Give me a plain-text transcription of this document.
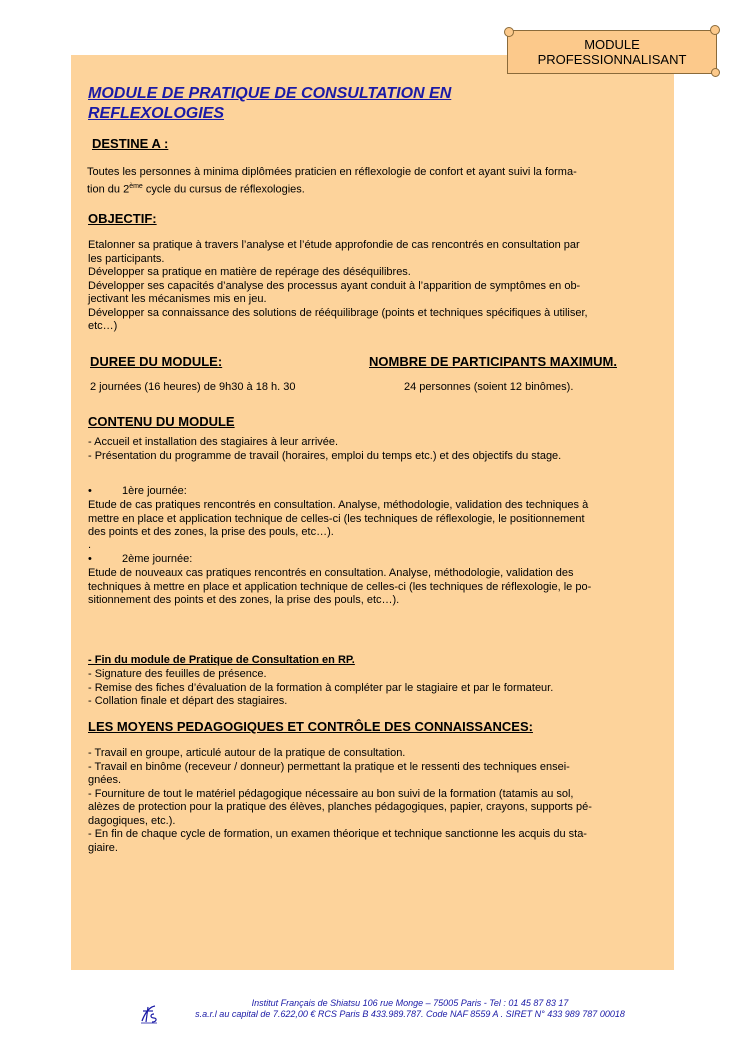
MODULE
PROFESSIONNALISANT
MODULE DE PRATIQUE DE CONSULTATION EN
REFLEXOLOGIES
DESTINE A :
Toutes les personnes à minima diplômées praticien en réflexologie de confort et ayant suivi la forma-
tion du 2ème cycle du cursus de réflexologies.
OBJECTIF:
Etalonner sa pratique à travers l’analyse et l’étude approfondie de cas rencontrés en consultation par
les participants.
Développer sa pratique en matière de repérage des déséquilibres.
Développer ses capacités d’analyse des processus ayant conduit à l’apparition de symptômes en ob-
jectivant les mécanismes mis en jeu.
Développer sa connaissance des solutions de rééquilibrage (points et techniques spécifiques à utiliser,
etc…)
DUREE DU MODULE:	NOMBRE DE PARTICIPANTS MAXIMUM.
2 journées (16 heures) de 9h30 à 18 h. 30	24 personnes (soient 12 binômes).
CONTENU DU MODULE
- Accueil et installation des stagiaires à leur arrivée.
- Présentation du programme de travail (horaires, emploi du temps etc.) et des objectifs du stage.
•	1ère journée:
Etude de cas pratiques rencontrés en consultation. Analyse, méthodologie, validation des techniques à
mettre en place et application technique de celles-ci (les techniques de réflexologie, le positionnement
des points et des zones, la prise des pouls, etc…).
.
•	2ème journée:
Etude de nouveaux cas pratiques rencontrés en consultation. Analyse, méthodologie, validation des
techniques à mettre en place et application technique de celles-ci (les techniques de réflexologie, le po-
sitionnement des points et des zones, la prise des pouls, etc…).
- Fin du module de Pratique de Consultation en RP.
- Signature des feuilles de présence.
- Remise des fiches d’évaluation de la formation à compléter par le stagiaire et par le formateur.
- Collation finale et départ des stagiaires.
LES MOYENS PEDAGOGIQUES ET CONTRÔLE DES CONNAISSANCES:
- Travail en groupe, articulé autour de la pratique de consultation.
- Travail en binôme (receveur / donneur) permettant la pratique et le ressenti des techniques ensei-
gnées.
- Fourniture de tout le matériel pédagogique nécessaire au bon suivi de la formation (tatamis au sol,
alèzes de protection pour la pratique des élèves, planches pédagogiques, papier, crayons, supports pé-
dagogiques, etc.).
- En fin de chaque cycle de formation, un examen théorique et technique sanctionne les acquis du sta-
giaire.
Institut Français de Shiatsu 106 rue Monge – 75005 Paris - Tel : 01 45 87 83 17
s.a.r.l au capital de 7.622,00 € RCS Paris B 433.989.787. Code NAF 8559 A . SIRET N° 433 989 787 00018
